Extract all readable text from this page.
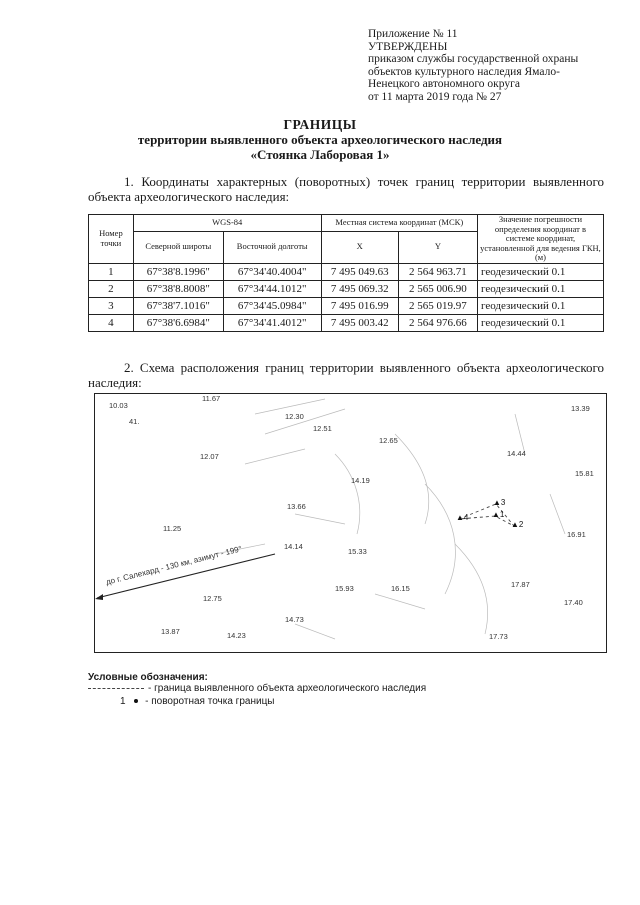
Приложение № 11
УТВЕРЖДЕНЫ
приказом службы государственной охраны
объектов культурного наследия Ямало-
Ненецкого автономного округа
от 11 марта 2019 года № 27
ГРАНИЦЫ
территории выявленного объекта археологического наследия
«Стоянка Лаборовая 1»
1. Координаты характерных (поворотных) точек границ территории выявленного объекта археологического наследия:
Номер точки	WGS-84		Местная система координат (МСК)		Значение погрешности определения координат в системе координат, установленной для ведения ГКН, (м)
	Северной широты	Восточной долготы	X	Y	
1	67°38'8.1996"	67°34'40.4004"	7 495 049.63	2 564 963.71	геодезический 0.1
2	67°38'8.8008"	67°34'44.1012"	7 495 069.32	2 565 006.90	геодезический 0.1
3	67°38'7.1016"	67°34'45.0984"	7 495 016.99	2 565 019.97	геодезический 0.1
4	67°38'6.6984"	67°34'41.4012"	7 495 003.42	2 564 976.66	геодезический 0.1
2. Схема расположения границ территории выявленного объекта археологического наследия:
до г. Салехард - 130 км, азимут - 199°
10.03
11.67
41.
12.30
12.51
12.65
12.07	14.44
13.39
15.81
14.19
13.66
11.25
14.14
15.33
16.91
15.93	16.15	17.87
12.75	17.40
14.73
13.87	14.23	17.73
▲1
▲2
▲3
▲4
Условные обозначения:
- граница выявленного объекта археологического наследия
1 - поворотная точка границы
